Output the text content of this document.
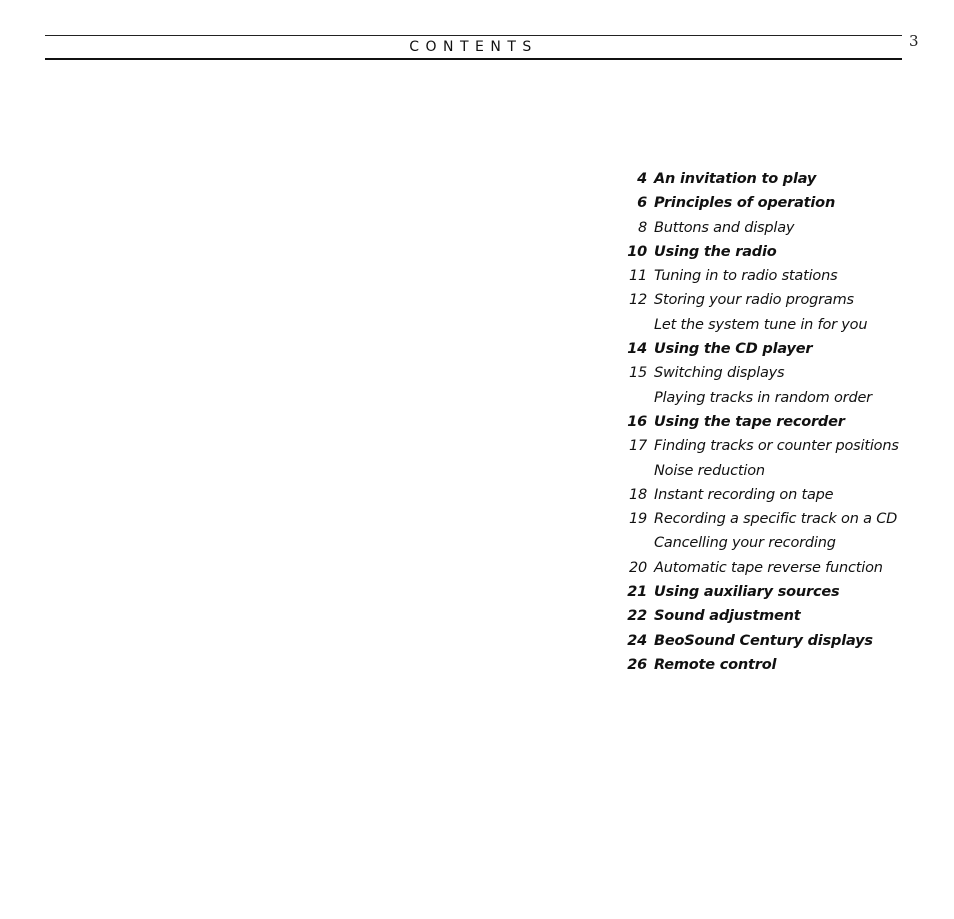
CONTENTS	3
4 An invitation to play
6 Principles of operation
8 Buttons and display
10 Using the radio
11 Tuning in to radio stations
12 Storing your radio programs
Let the system tune in for you
14 Using the CD player
15 Switching displays
Playing tracks in random order
16 Using the tape recorder
17 Finding tracks or counter positions
Noise reduction
18 Instant recording on tape
19 Recording a specific track on a CD
Cancelling your recording
20 Automatic tape reverse function
21 Using auxiliary sources
22 Sound adjustment
24 BeoSound Century displays
26 Remote control
